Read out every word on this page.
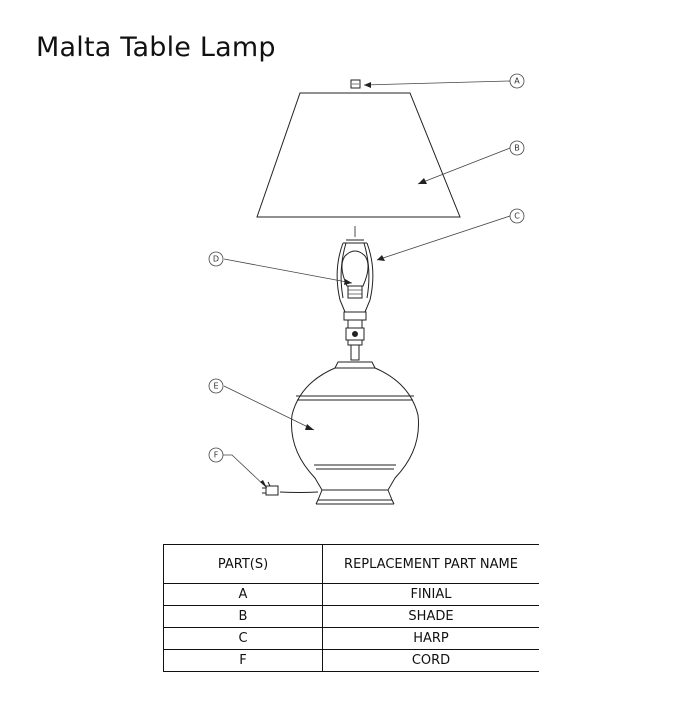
Malta Table Lamp
A
B
C
D
E
F
PART(S)	REPLACEMENT PART NAME
A	FINIAL
B	SHADE
C	HARP
F	CORD
